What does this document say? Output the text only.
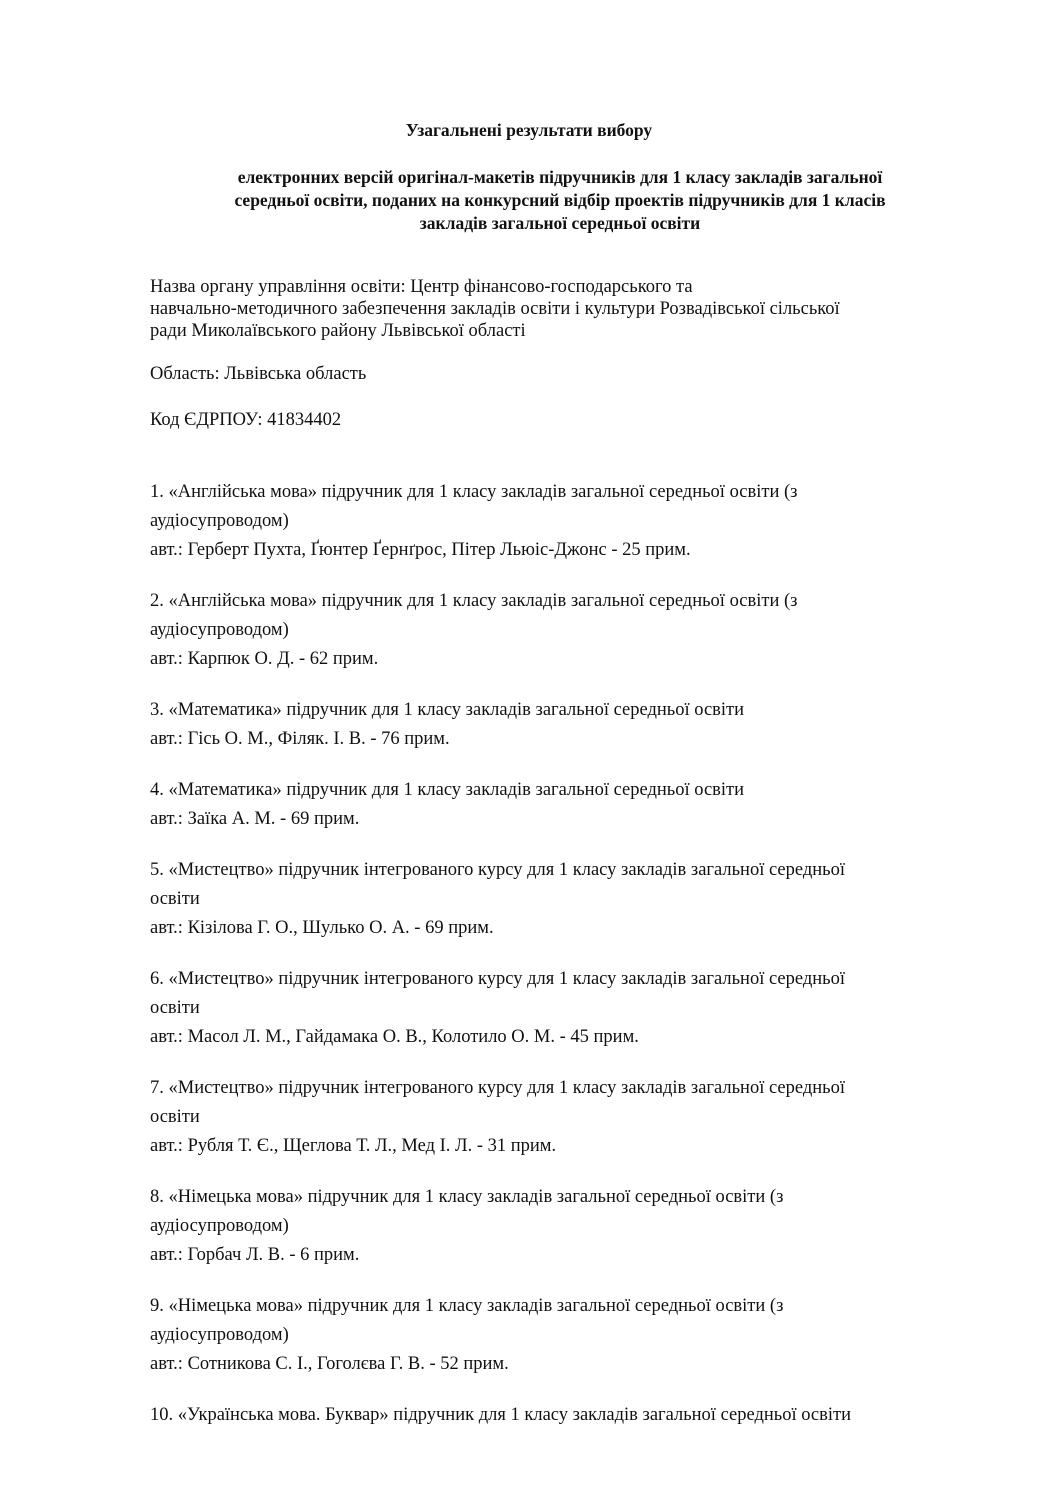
Узагальнені результати вибору
електронних версій оригінал-макетів підручників для 1 класу закладів загальної
середньої освіти, поданих на конкурсний відбір проектів підручників для 1 класів
закладів загальної середньої освіти
Назва органу управління освіти: Центр фінансово-господарського та
навчально-методичного забезпечення закладів освіти і культури Розвадівської сільської
ради Миколаївського району Львівської області
Область: Львівська область
Код ЄДРПОУ: 41834402
1. «Англійська мова» підручник для 1 класу закладів загальної середньої освіти (з
аудіосупроводом)
авт.: Герберт Пухта, Ґюнтер Ґернґрос, Пітер Льюіс-Джонс - 25 прим.
2. «Англійська мова» підручник для 1 класу закладів загальної середньої освіти (з
аудіосупроводом)
авт.: Карпюк О. Д. - 62 прим.
3. «Математика» підручник для 1 класу закладів загальної середньої освіти
авт.: Гісь О. М., Філяк. І. В. - 76 прим.
4. «Математика» підручник для 1 класу закладів загальної середньої освіти
авт.: Заїка А. М. - 69 прим.
5. «Мистецтво» підручник інтегрованого курсу для 1 класу закладів загальної середньої
освіти
авт.: Кізілова Г. О., Шулько О. А. - 69 прим.
6. «Мистецтво» підручник інтегрованого курсу для 1 класу закладів загальної середньої
освіти
авт.: Масол Л. М., Гайдамака О. В., Колотило О. М. - 45 прим.
7. «Мистецтво» підручник інтегрованого курсу для 1 класу закладів загальної середньої
освіти
авт.: Рубля Т. Є., Щеглова Т. Л., Мед І. Л. - 31 прим.
8. «Німецька мова» підручник для 1 класу закладів загальної середньої освіти (з
аудіосупроводом)
авт.: Горбач Л. В. - 6 прим.
9. «Німецька мова» підручник для 1 класу закладів загальної середньої освіти (з
аудіосупроводом)
авт.: Сотникова С. І., Гоголєва Г. В. - 52 прим.
10. «Українська мова. Буквар» підручник для 1 класу закладів загальної середньої освіти
